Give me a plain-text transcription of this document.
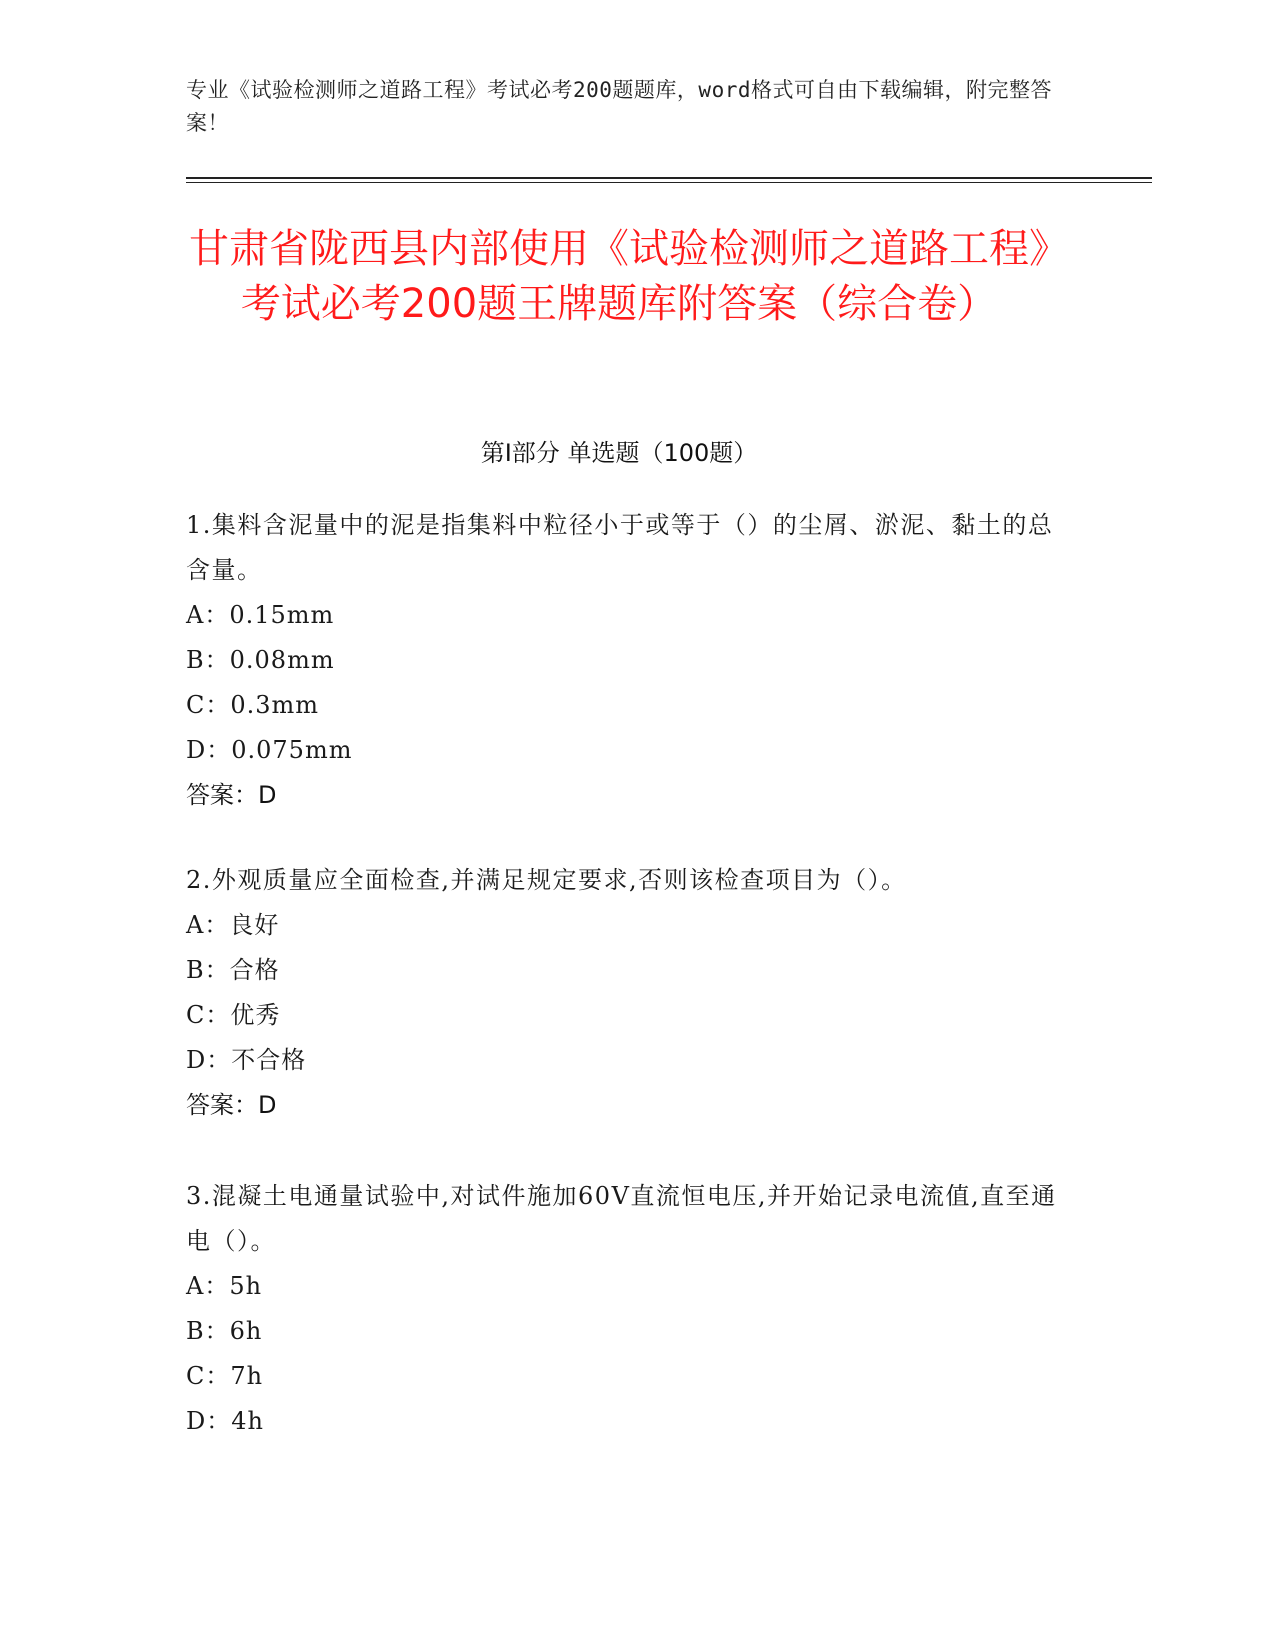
专业《试验检测师之道路工程》考试必考200题题库，word格式可自由下载编辑，附完整答案！
甘肃省陇西县内部使用《试验检测师之道路工程》考试必考200题王牌题库附答案（综合卷）
第Ⅰ部分 单选题（100题）
1.集料含泥量中的泥是指集料中粒径小于或等于（）的尘屑、淤泥、黏土的总含量。
A：0.15mm
B：0.08mm
C：0.3mm
D：0.075mm
答案：D
2.外观质量应全面检查,并满足规定要求,否则该检查项目为（）。
A：良好
B：合格
C：优秀
D：不合格
答案：D
3.混凝土电通量试验中,对试件施加60V直流恒电压,并开始记录电流值,直至通电（）。
A：5h
B：6h
C：7h
D：4h
